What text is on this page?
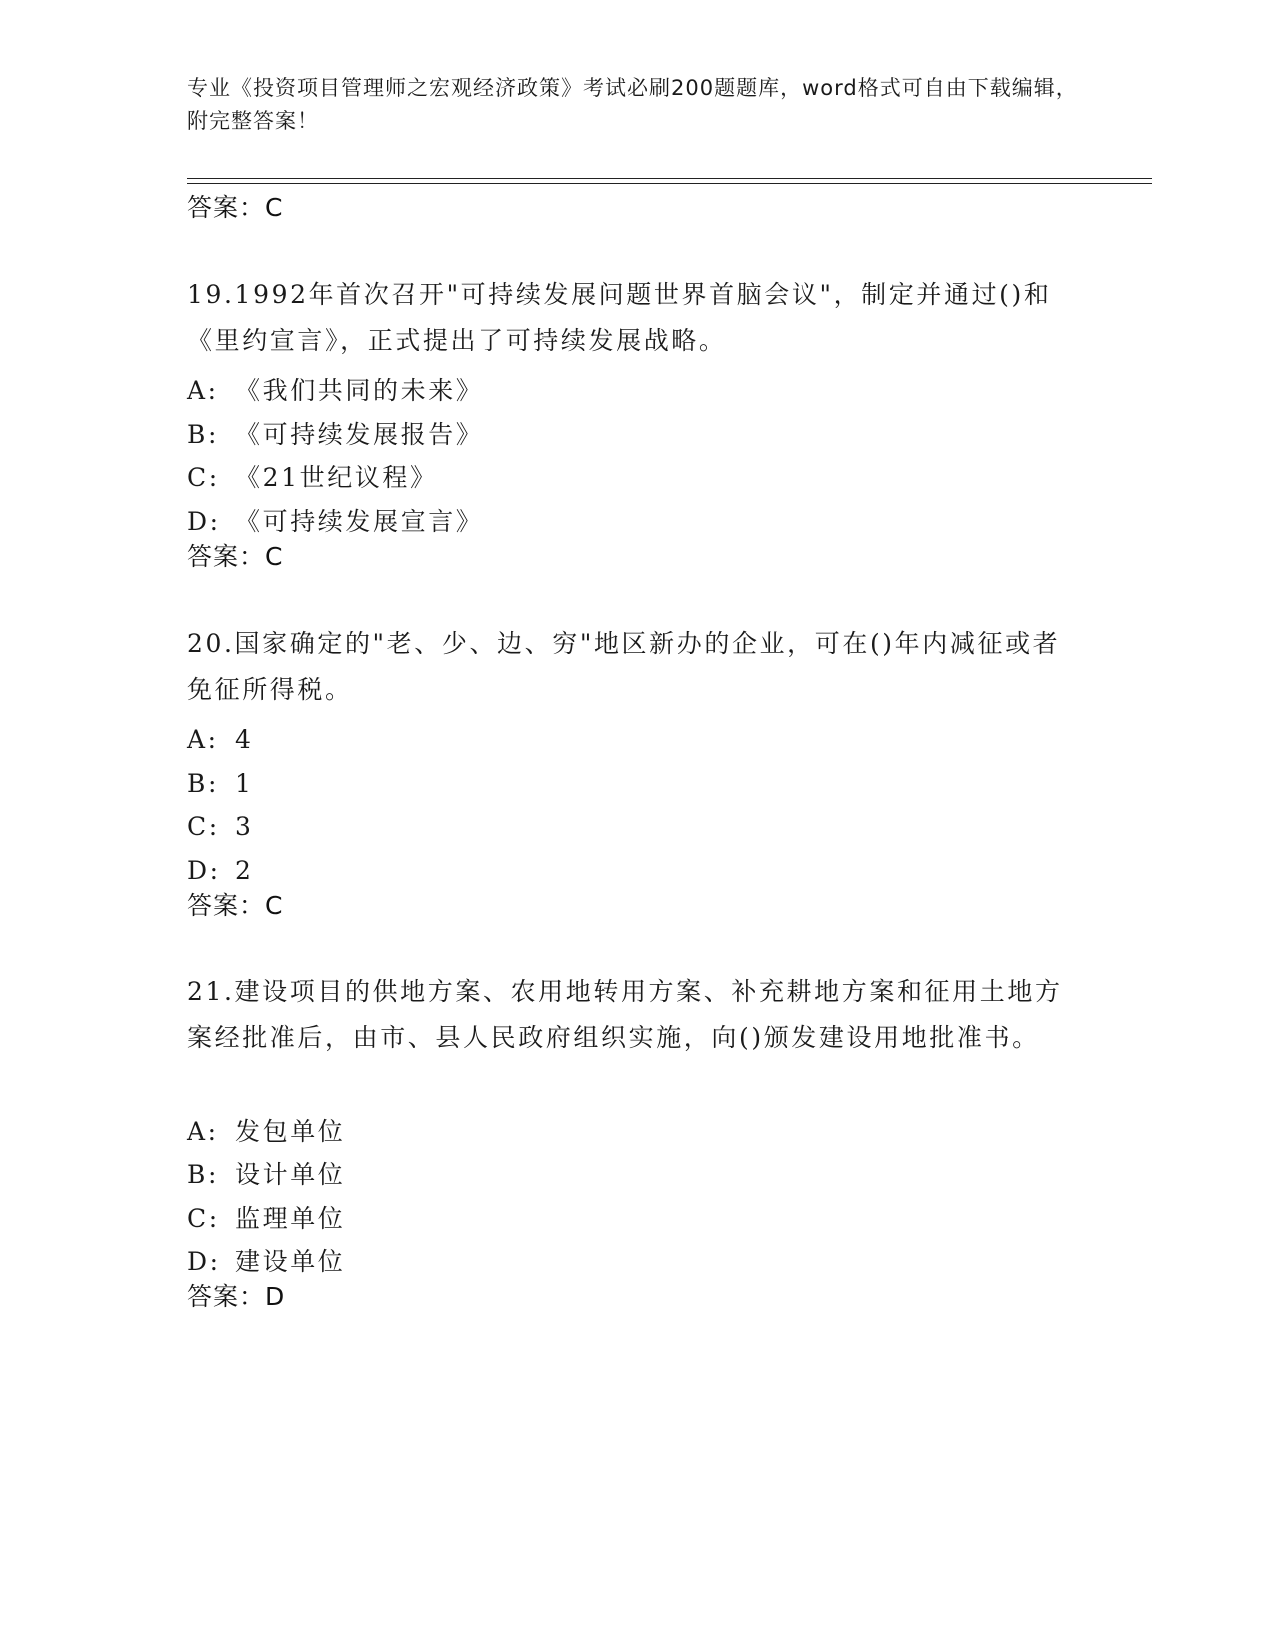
专业《投资项目管理师之宏观经济政策》考试必刷200题题库，word格式可自由下载编辑，附完整答案！
答案：C
19.1992年首次召开"可持续发展问题世界首脑会议"，制定并通过()和《里约宣言》，正式提出了可持续发展战略。
A: 《我们共同的未来》
B: 《可持续发展报告》
C: 《21世纪议程》
D: 《可持续发展宣言》
答案：C
20.国家确定的"老、少、边、穷"地区新办的企业，可在()年内减征或者免征所得税。
A: 4
B: 1
C: 3
D: 2
答案：C
21.建设项目的供地方案、农用地转用方案、补充耕地方案和征用土地方案经批准后，由市、县人民政府组织实施，向()颁发建设用地批准书。
A: 发包单位
B: 设计单位
C: 监理单位
D: 建设单位
答案：D
